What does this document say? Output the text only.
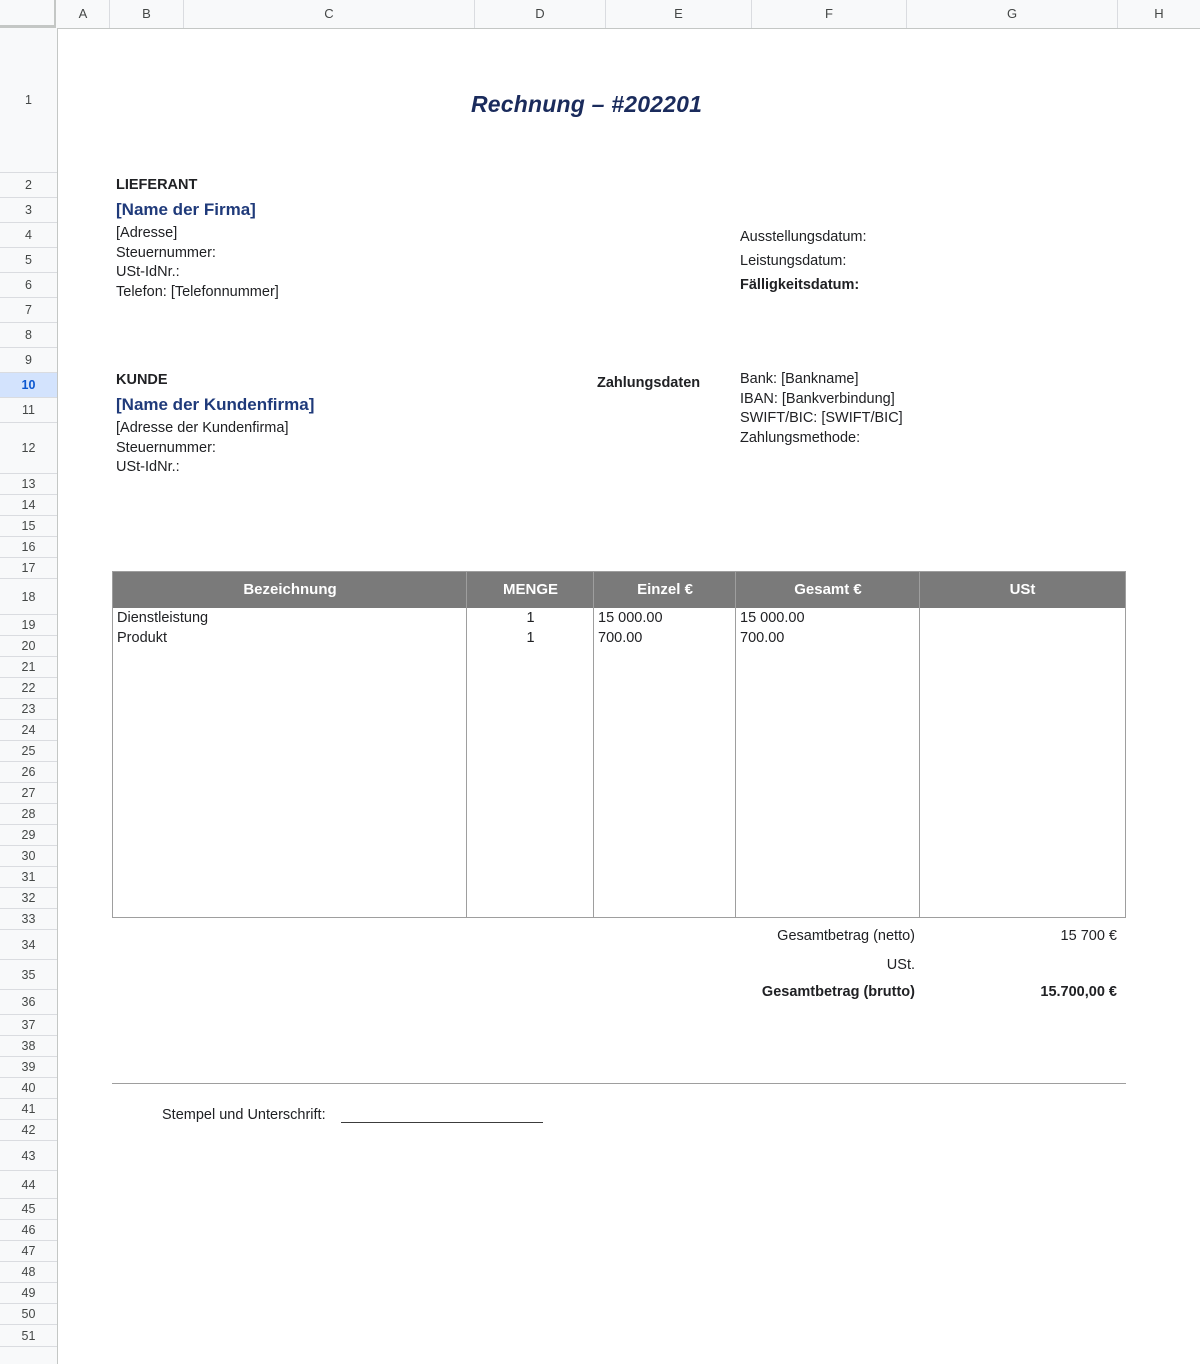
A	B	C	D	E	F	G	H
1
2
3
4
5
6
7
8
9
10
11
12
13
14
15
16
17
18
19
20
21
22
23
24
25
26
27
28
29
30
31
32
33
34
35
36
37
38
39
40
41
42
43
44
45
46
47
48
49
50
51
Rechnung – #202201
LIEFERANT
[Name der Firma]
[Adresse]
Steuernummer:
USt-IdNr.:
Telefon: [Telefonnummer]
Ausstellungsdatum:
Leistungsdatum:
Fälligkeitsdatum:
KUNDE
[Name der Kundenfirma]
[Adresse der Kundenfirma]
Steuernummer:
USt-IdNr.:
Zahlungsdaten	Bank: [Bankname]
IBAN: [Bankverbindung]
SWIFT/BIC: [SWIFT/BIC]
Zahlungsmethode:
Bezeichnung	MENGE	Einzel €	Gesamt €	USt
Dienstleistung	1	15 000.00	15 000.00
Produkt	1	700.00	700.00
Gesamtbetrag (netto)	15 700 €
USt.
Gesamtbetrag (brutto)	15.700,00 €
Stempel und Unterschrift:
